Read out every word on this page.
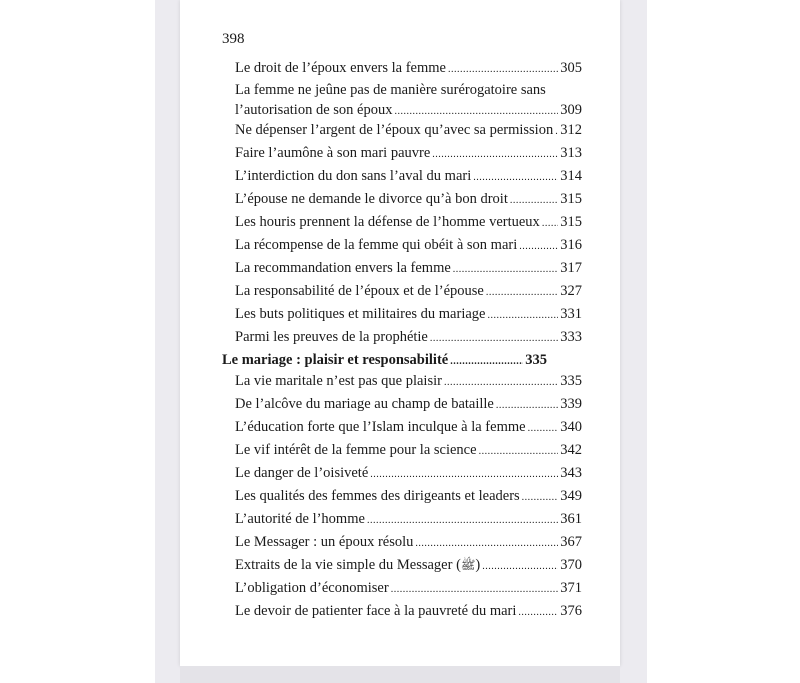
398
Le droit de l’époux envers la femme .....	305
La femme ne jeûne pas de manière surérogatoire sans
l’autorisation de son époux .....	309
Ne dépenser l’argent de l’époux qu’avec sa permission ..... 312
Faire l’aumône à son mari pauvre .....	313
L’interdiction du don sans l’aval du mari .....	314
L’épouse ne demande le divorce qu’à bon droit .....	315
Les houris prennent la défense de l’homme vertueux ..... 315
La récompense de la femme qui obéit à son mari .....	316
La recommandation envers la femme .....	317
La responsabilité de l’époux et de l’épouse .....	327
Les buts politiques et militaires du mariage .....	331
Parmi les preuves de la prophétie .....	333
Le mariage : plaisir et responsabilité .....	335
La vie maritale n’est pas que plaisir .....	335
De l’alcôve du mariage au champ de bataille .....	339
L’éducation forte que l’Islam inculque à la femme ..... 340
Le vif intérêt de la femme pour la science .....	342
Le danger de l’oisiveté .....	343
Les qualités des femmes des dirigeants et leaders .....	349
L’autorité de l’homme .....	361
Le Messager : un époux résolu .....	367
Extraits de la vie simple du Messager (ﷺ) .....	370
L’obligation d’économiser .....	371
Le devoir de patienter face à la pauvreté du mari .....	376
